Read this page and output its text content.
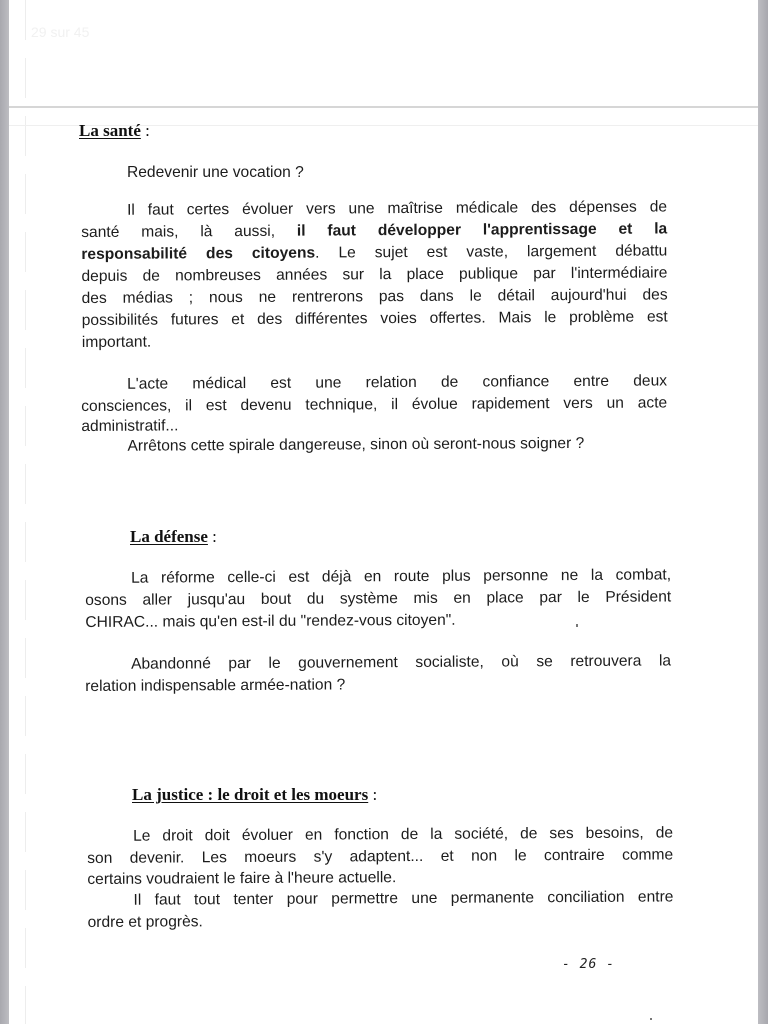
29 sur 45
La santé :
Redevenir une vocation ?
Il faut certes évoluer vers une maîtrise médicale des dépenses de
santé mais, là aussi, il faut développer l'apprentissage et la
responsabilité des citoyens. Le sujet est vaste, largement débattu
depuis de nombreuses années sur la place publique par l'intermédiaire
des médias ; nous ne rentrerons pas dans le détail aujourd'hui des
possibilités futures et des différentes voies offertes. Mais le problème est
important.
L'acte médical est une relation de confiance entre deux
consciences, il est devenu technique, il évolue rapidement vers un acte
administratif...
Arrêtons cette spirale dangereuse, sinon où seront-nous soigner ?
La défense :
La réforme celle-ci est déjà en route plus personne ne la combat,
osons aller jusqu'au bout du système mis en place par le Président
CHIRAC... mais qu'en est-il du "rendez-vous citoyen".
Abandonné par le gouvernement socialiste, où se retrouvera la
relation indispensable armée-nation ?
La justice : le droit et les moeurs :
Le droit doit évoluer en fonction de la société, de ses besoins, de
son devenir. Les moeurs s'y adaptent... et non le contraire comme
certains voudraient le faire à l'heure actuelle.
Il faut tout tenter pour permettre une permanente conciliation entre
ordre et progrès.
- 26 -
